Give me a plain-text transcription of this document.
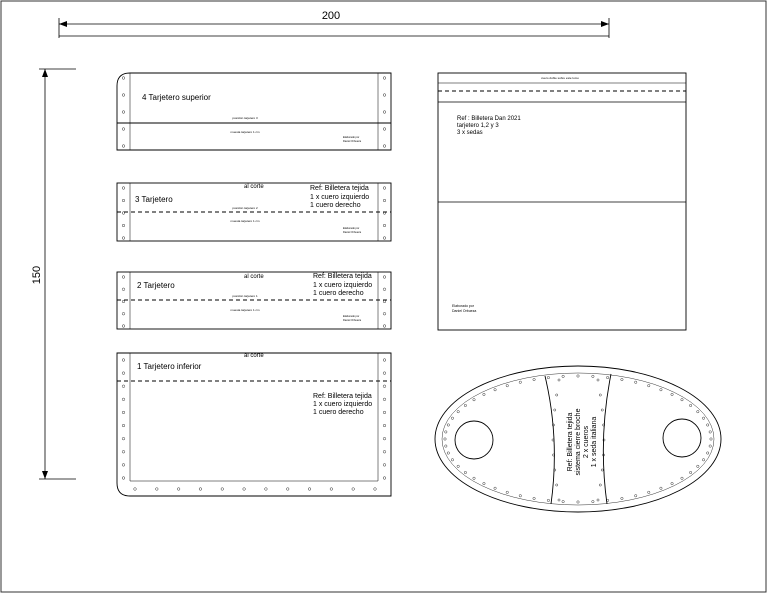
200
150
4 Tarjetero superior
posición tarjetero 3
muesta tarjetero 1 cm
Elaborado por
Daniel Orbueza
3 Tarjetero
al corte	Ref: Billetera tejida
1 x cuero izquierdo
1 cuero derecho
posición tarjetero 2
muesta tarjetero 1 cm
Elaborado por
Daniel Orbueza
2 Tarjetero
al corte	Ref: Billetera tejida
1 x cuero izquierdo
1 cuero derecho
posición tarjetero 1
muesta tarjetero 1 cm
Elaborado por
Daniel Orbueza
1 Tarjetero inferior
al corte
Ref: Billetera tejida
1 x cuero izquierdo
1 cuero derecho
cuero doble sobre este lomo
Ref : Billetera Dan 2021
tarjetero 1,2 y 3
3 x sedas
Elaborado por
Daniel Orbueza
Ref: Billetera tejida sistema cierre broche 2 x cueros 1 x seda italiana
